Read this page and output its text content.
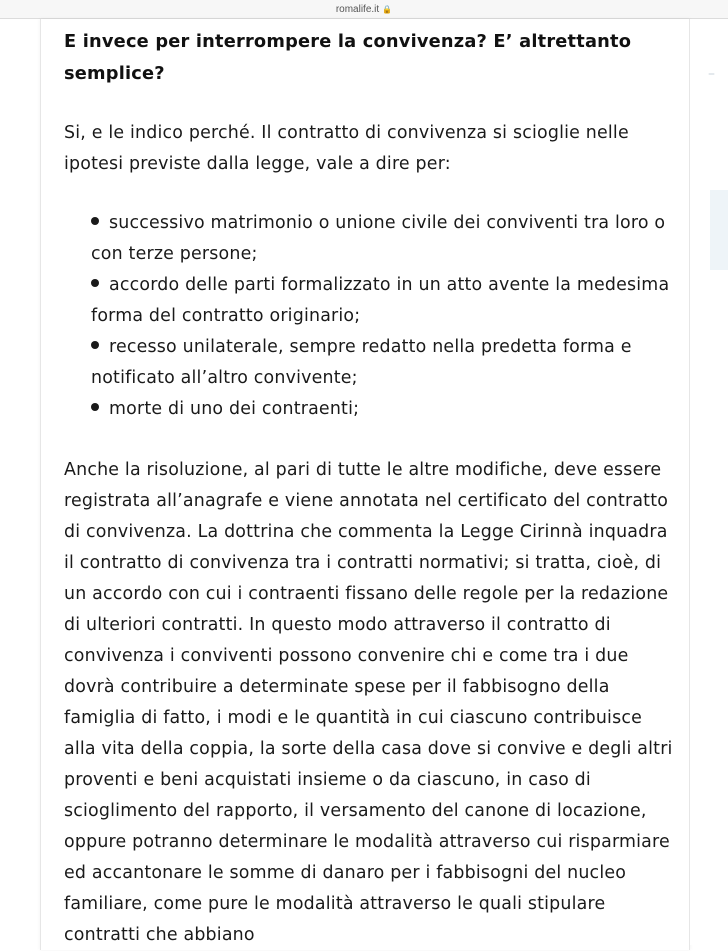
romalife.it 🔒
–
E invece per interrompere la convivenza? E’ altrettanto semplice?

Si, e le indico perché. Il contratto di convivenza si scioglie nelle ipotesi previste dalla legge, vale a dire per:

successivo matrimonio o unione civile dei conviventi tra loro o con terze persone;
accordo delle parti formalizzato in un atto avente la medesima forma del contratto originario;
recesso unilaterale, sempre redatto nella predetta forma e notificato all’altro convivente;
morte di uno dei contraenti;

Anche la risoluzione, al pari di tutte le altre modifiche, deve essere registrata all’anagrafe e viene annotata nel certificato del contratto di convivenza. La dottrina che commenta la Legge Cirinnà inquadra il contratto di convivenza tra i contratti normativi; si tratta, cioè, di un accordo con cui i contraenti fissano delle regole per la redazione di ulteriori contratti. In questo modo attraverso il contratto di convivenza i conviventi possono convenire chi e come tra i due dovrà contribuire a determinate spese per il fabbisogno della famiglia di fatto, i modi e le quantità in cui ciascuno contribuisce alla vita della coppia, la sorte della casa dove si convive e degli altri proventi e beni acquistati insieme o da ciascuno, in caso di scioglimento del rapporto, il versamento del canone di locazione, oppure potranno determinare le modalità attraverso cui risparmiare ed accantonare le somme di danaro per i fabbisogni del nucleo familiare, come pure le modalità attraverso le quali stipulare contratti che abbiano
